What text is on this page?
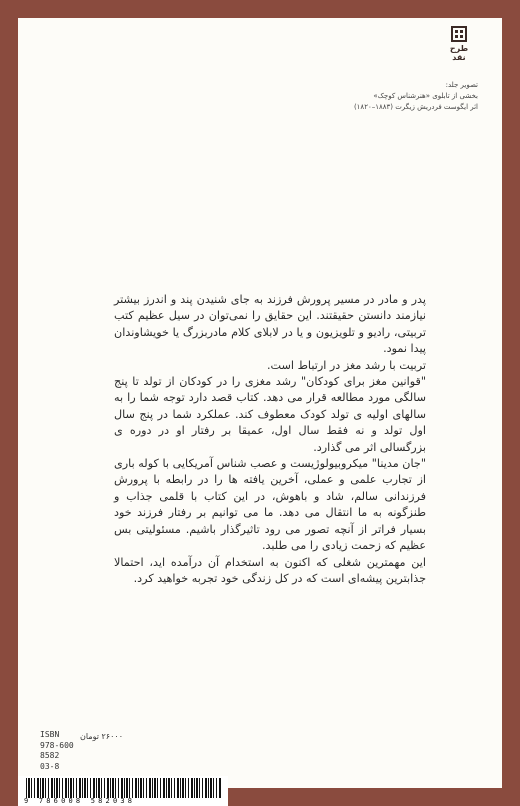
طرح
نقد
تصویر جلد:
بخشی از تابلوی «هنرشناس کوچک»
اثر ایگوست فردریش زیگرت (۱۸۸۳–۱۸۲۰)

پدر و مادر در مسیر پرورش فرزند به جای شنیدن پند و اندرز بیشتر نیازمند دانستن حقیقتند. این حقایق را نمی‌توان در سیل عظیم کتب تربیتی، رادیو و تلویزیون و یا در لابلای کلام مادربزرگ یا خویشاوندان پیدا نمود.

تربیت با رشد مغز در ارتباط است.

"قوانین مغز برای کودکان" رشد مغزی را در کودکان از تولد تا پنج سالگی مورد مطالعه قرار می دهد. کتاب قصد دارد توجه شما را به سالهای اولیه ی تولد کودک معطوف کند. عملکرد شما در پنج سال اول تولد و نه فقط سال اول، عمیقا بر رفتار او در دوره ی بزرگسالی اثر می گذارد.

"جان مدینا" میکروبیولوژیست و عصب شناس آمریکایی با کوله باری از تجارب علمی و عملی، آخرین یافته ها را در رابطه با پرورش فرزندانی سالم، شاد و باهوش، در این کتاب با قلمی جذاب و طنزگونه به ما انتقال می دهد. ما می توانیم بر رفتار فرزند خود بسیار فراتر از آنچه تصور می رود تاثیرگذار باشیم. مسئولیتی بس عظیم که زحمت زیادی را می طلبد.

این مهمترین شغلی که اکنون به استخدام آن درآمده اید، احتمالا جذابترین پیشه‌ای است که در کل زندگی خود تجربه خواهید کرد.

۲۶۰۰۰ تومان
ISBN
978-600
8582
03-8
9 786008 582038
